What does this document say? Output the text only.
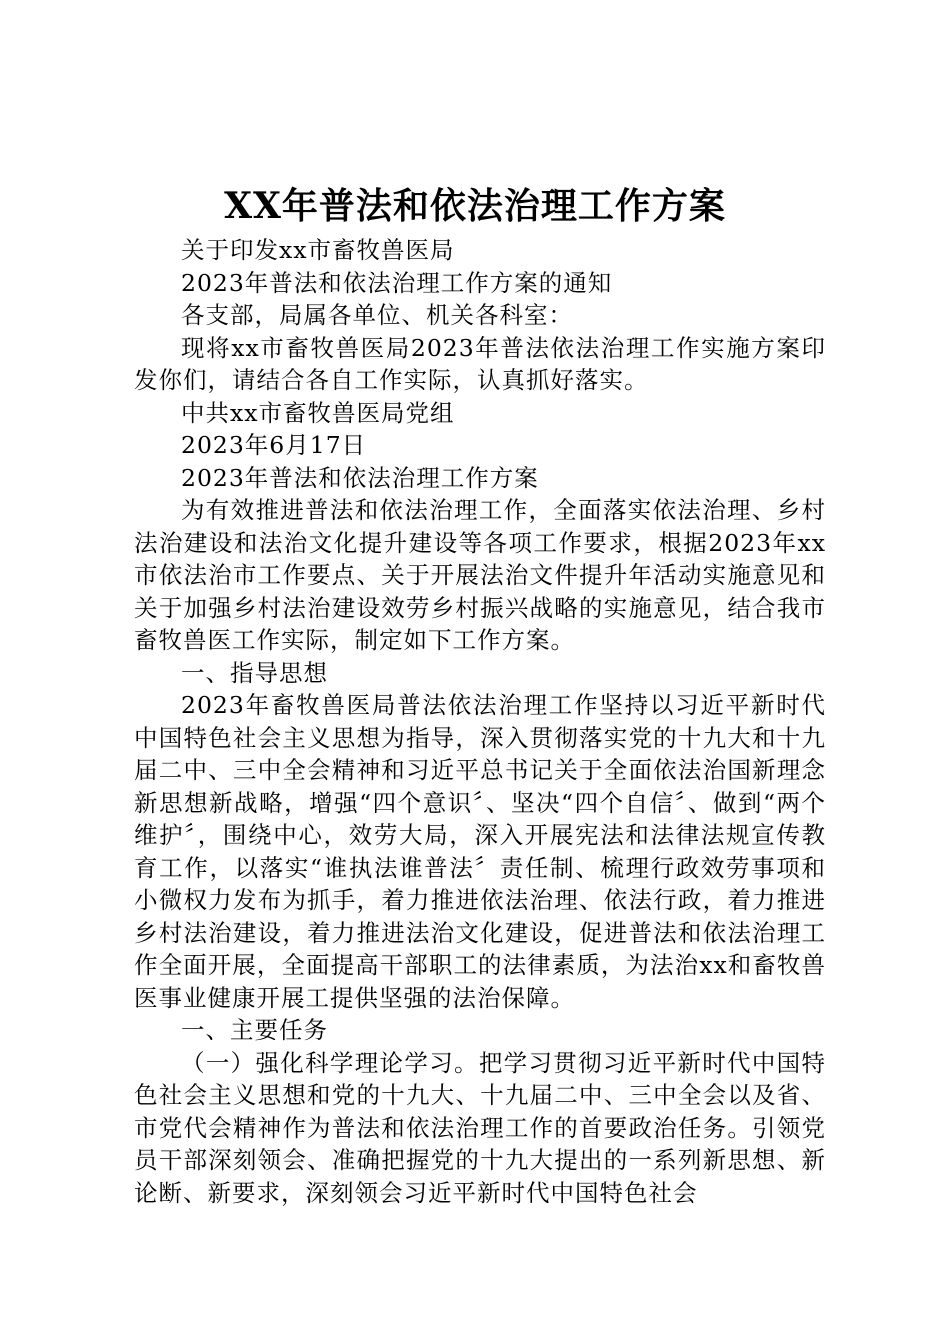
XX年普法和依法治理工作方案

关于印发xx市畜牧兽医局

2023年普法和依法治理工作方案的通知

各支部，局属各单位、机关各科室：

现将xx市畜牧兽医局2023年普法依法治理工作实施方案印发你们，请结合各自工作实际，认真抓好落实。

中共xx市畜牧兽医局党组

2023年6月17日

2023年普法和依法治理工作方案

为有效推进普法和依法治理工作，全面落实依法治理、乡村法治建设和法治文化提升建设等各项工作要求，根据2023年xx市依法治市工作要点、关于开展法治文件提升年活动实施意见和关于加强乡村法治建设效劳乡村振兴战略的实施意见，结合我市畜牧兽医工作实际，制定如下工作方案。

一、指导思想

2023年畜牧兽医局普法依法治理工作坚持以习近平新时代中国特色社会主义思想为指导，深入贯彻落实党的十九大和十九届二中、三中全会精神和习近平总书记关于全面依法治国新理念新思想新战略，增强“四个意识〞、坚决“四个自信〞、做到“两个维护〞，围绕中心，效劳大局，深入开展宪法和法律法规宣传教育工作，以落实“谁执法谁普法〞责任制、梳理行政效劳事项和小微权力发布为抓手，着力推进依法治理、依法行政，着力推进乡村法治建设，着力推进法治文化建设，促进普法和依法治理工作全面开展，全面提高干部职工的法律素质，为法治xx和畜牧兽医事业健康开展工提供坚强的法治保障。

一、主要任务

（一）强化科学理论学习。把学习贯彻习近平新时代中国特色社会主义思想和党的十九大、十九届二中、三中全会以及省、市党代会精神作为普法和依法治理工作的首要政治任务。引领党员干部深刻领会、准确把握党的十九大提出的一系列新思想、新论断、新要求，深刻领会习近平新时代中国特色社会
